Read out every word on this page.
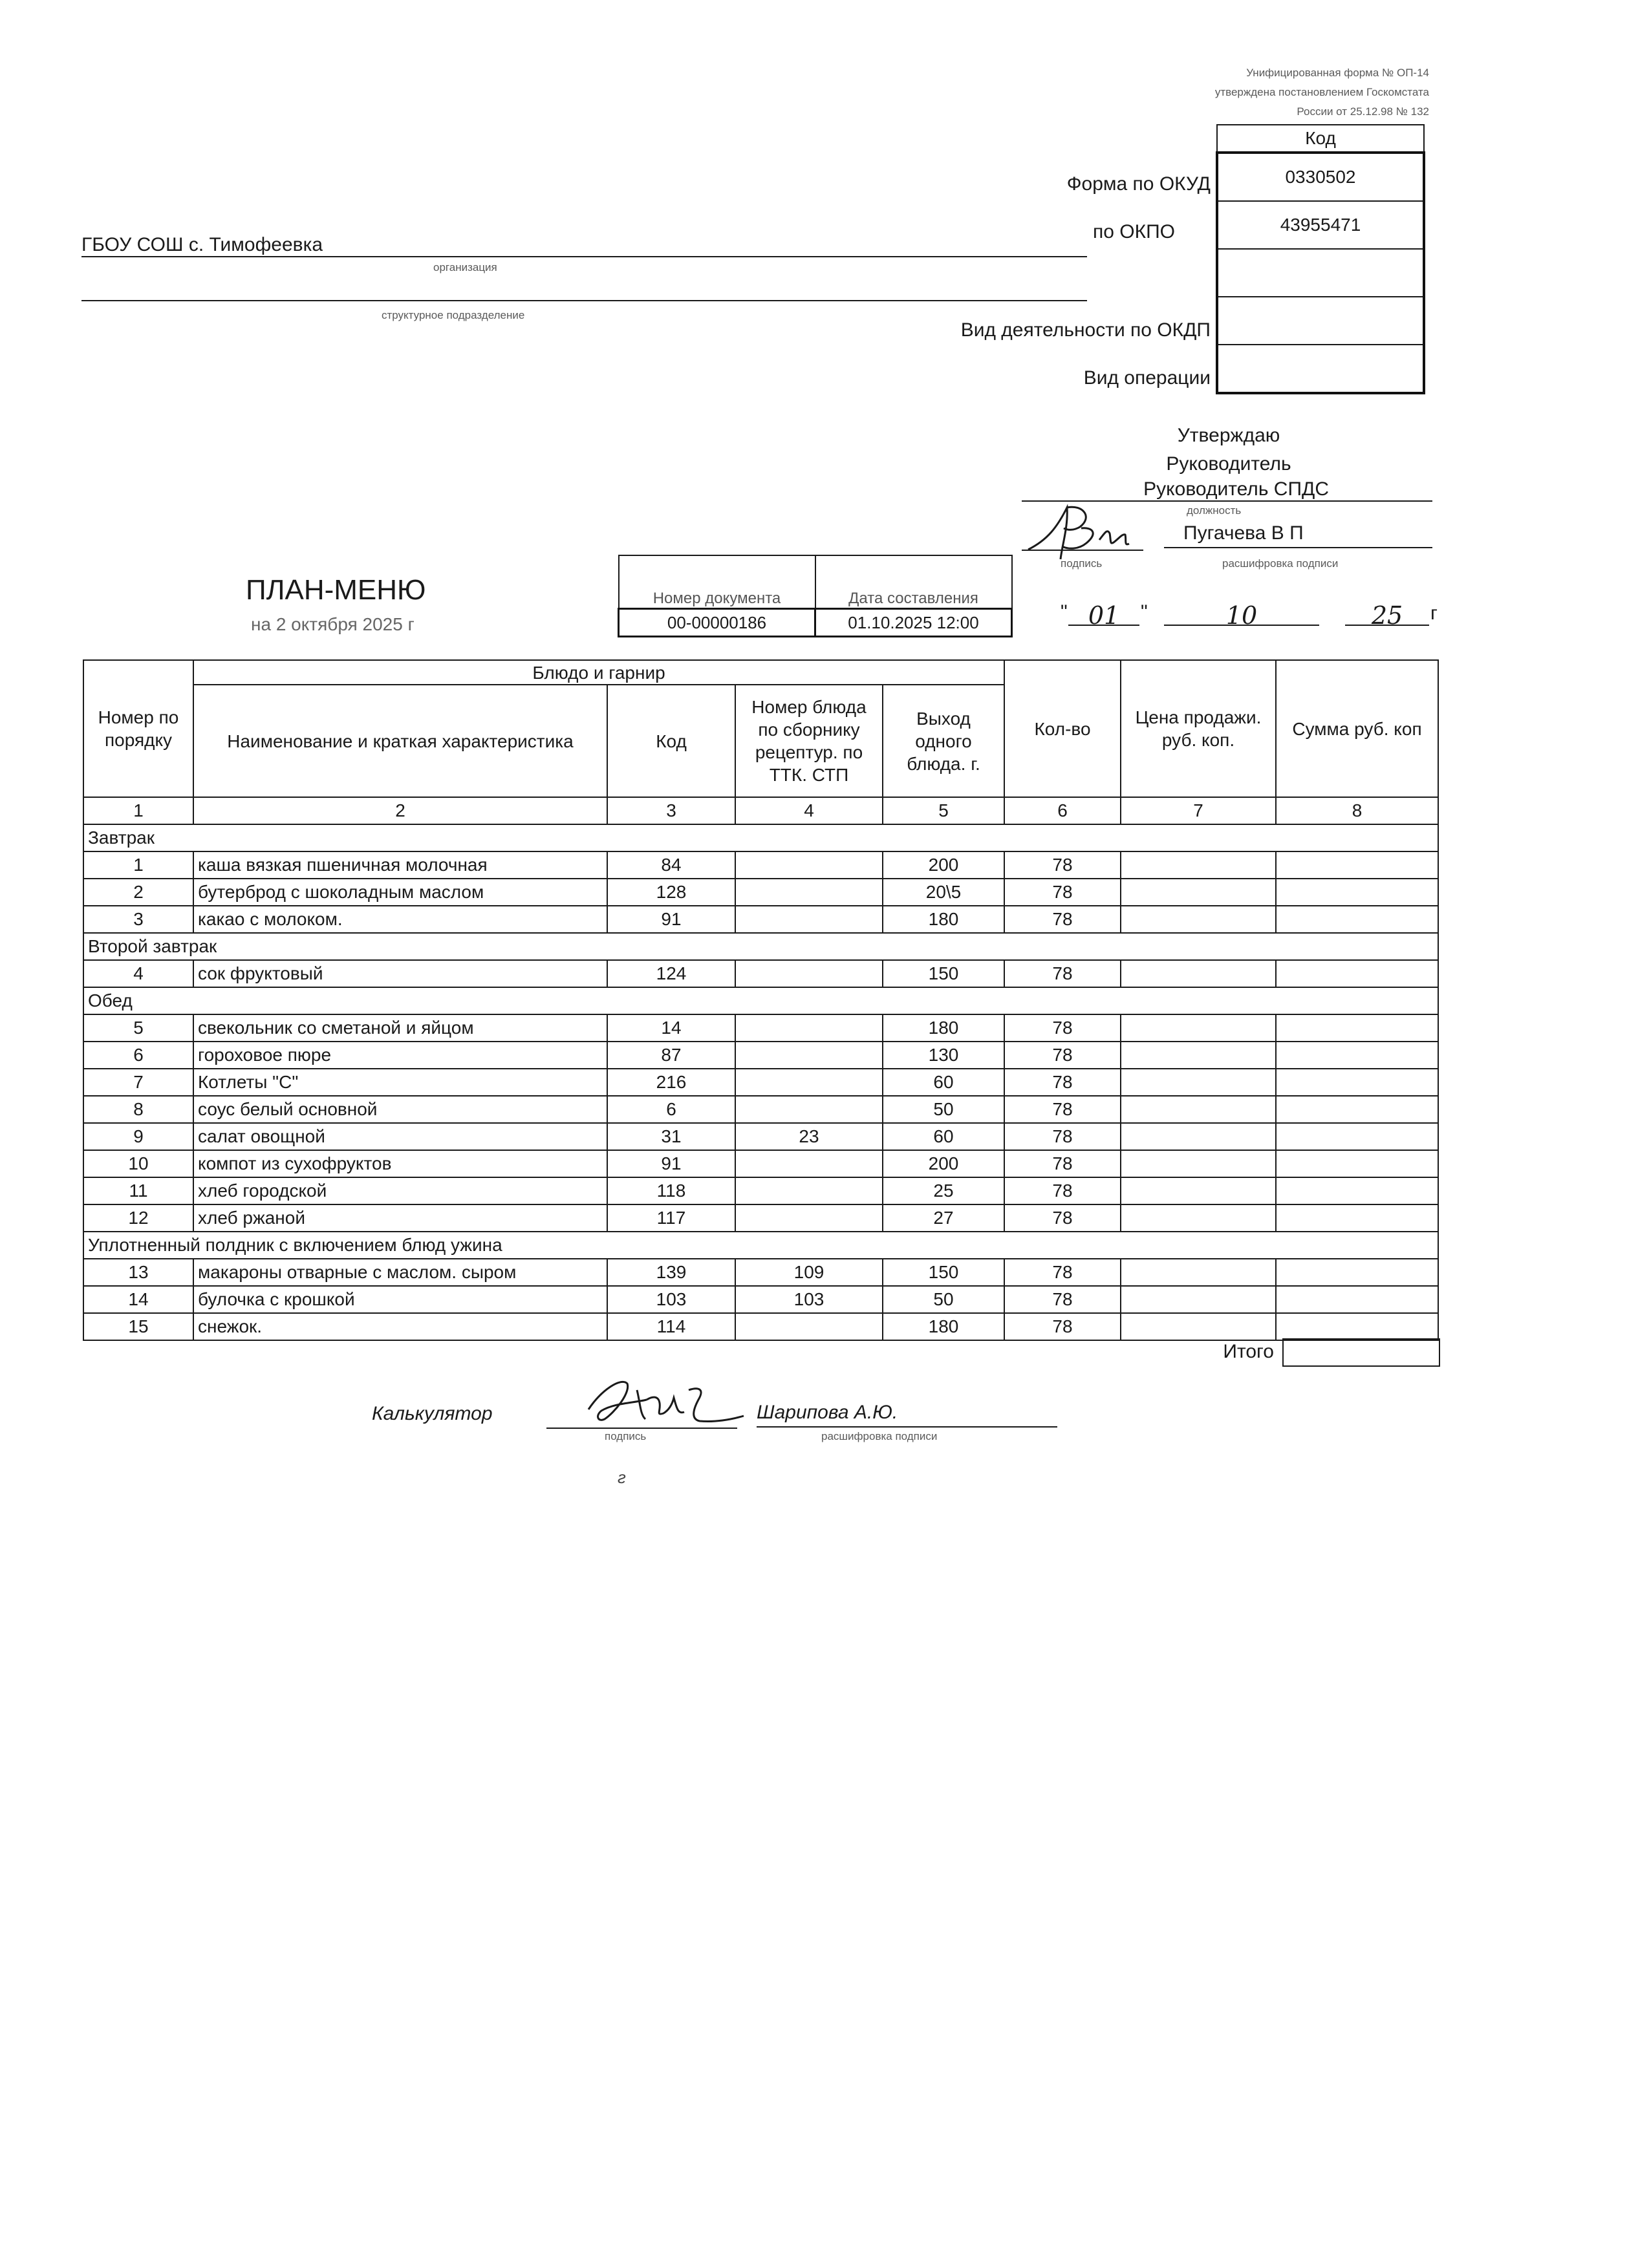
Унифицированная форма № ОП-14
утверждена постановлением Госкомстата
России от 25.12.98 № 132
Код
0330502
43955471

Форма по ОКУД
по ОКПО
Вид деятельности по ОКДП
Вид операции
ГБОУ СОШ с. Тимофеевка
организация
структурное подразделение
Утверждаю
Руководитель
Руководитель СПДС
должность
Пугачева В П
подпись	расшифровка подписи
" 01	"	10	25	г
ПЛАН-МЕНЮ
на 2 октября 2025 г
Номер документа	Дата составления
00-00000186	01.10.2025 12:00
Номер по порядку	Блюдо и гарнир				Кол-во	Цена продажи. руб. коп.	Сумма руб. коп
	Наименование и краткая характеристика	Код	Номер блюда по сборнику рецептур. по ТТК. СТП	Выход одного блюда. г.			
1	2	3	4	5	6	7	8
Завтрак							
1	каша вязкая пшеничная молочная	84		200	78		
2	бутерброд с шоколадным маслом	128		20\5	78		
3	какао с молоком.	91		180	78		
Второй завтрак							
4	сок фруктовый	124		150	78		
Обед							
5	свекольник со сметаной и яйцом	14		180	78		
6	гороховое пюре	87		130	78		
7	Котлеты "С"	216		60	78		
8	соус белый основной	6		50	78		
9	салат овощной	31	23	60	78		
10	компот из сухофруктов	91		200	78		
11	хлеб городской	118		25	78		
12	хлеб ржаной	117		27	78		
Уплотненный полдник с включением блюд ужина							
13	макароны отварные с маслом. сыром	139	109	150	78		
14	булочка с крошкой	103	103	50	78		
15	снежок.	114		180	78		
Итого
Калькулятор	Шарипова А.Ю.
подпись	расшифровка подписи
г
